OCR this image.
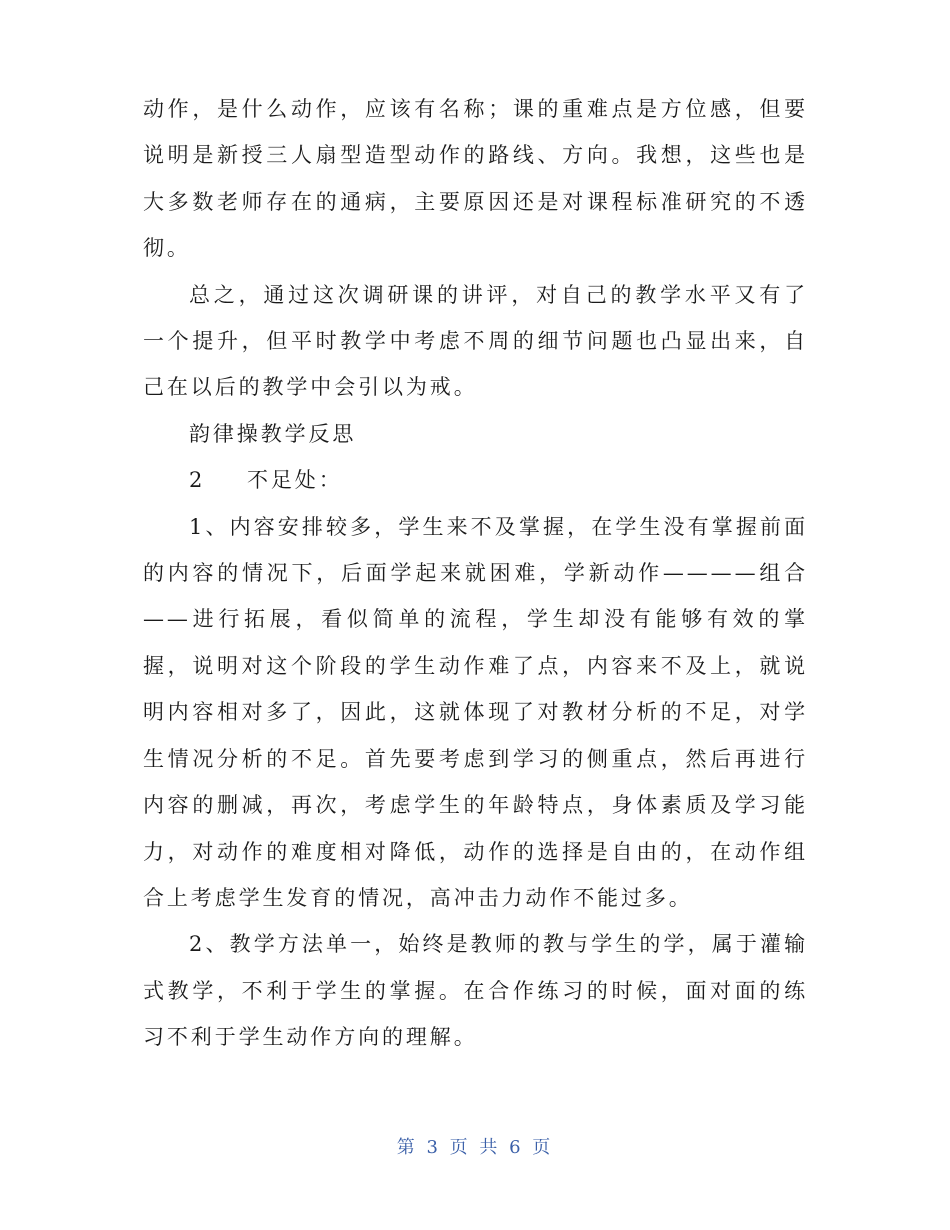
动作，是什么动作，应该有名称；课的重难点是方位感，但要说明是新授三人扇型造型动作的路线、方向。我想，这些也是大多数老师存在的通病，主要原因还是对课程标准研究的不透彻。

总之，通过这次调研课的讲评，对自己的教学水平又有了一个提升，但平时教学中考虑不周的细节问题也凸显出来，自己在以后的教学中会引以为戒。

韵律操教学反思

2 不足处：

1、内容安排较多，学生来不及掌握，在学生没有掌握前面的内容的情况下，后面学起来就困难，学新动作————组合——进行拓展，看似简单的流程，学生却没有能够有效的掌握，说明对这个阶段的学生动作难了点，内容来不及上，就说明内容相对多了，因此，这就体现了对教材分析的不足，对学生情况分析的不足。首先要考虑到学习的侧重点，然后再进行内容的删减，再次，考虑学生的年龄特点，身体素质及学习能力，对动作的难度相对降低，动作的选择是自由的，在动作组合上考虑学生发育的情况，高冲击力动作不能过多。

2、教学方法单一，始终是教师的教与学生的学，属于灌输式教学，不利于学生的掌握。在合作练习的时候，面对面的练习不利于学生动作方向的理解。

第 3 页 共 6 页
